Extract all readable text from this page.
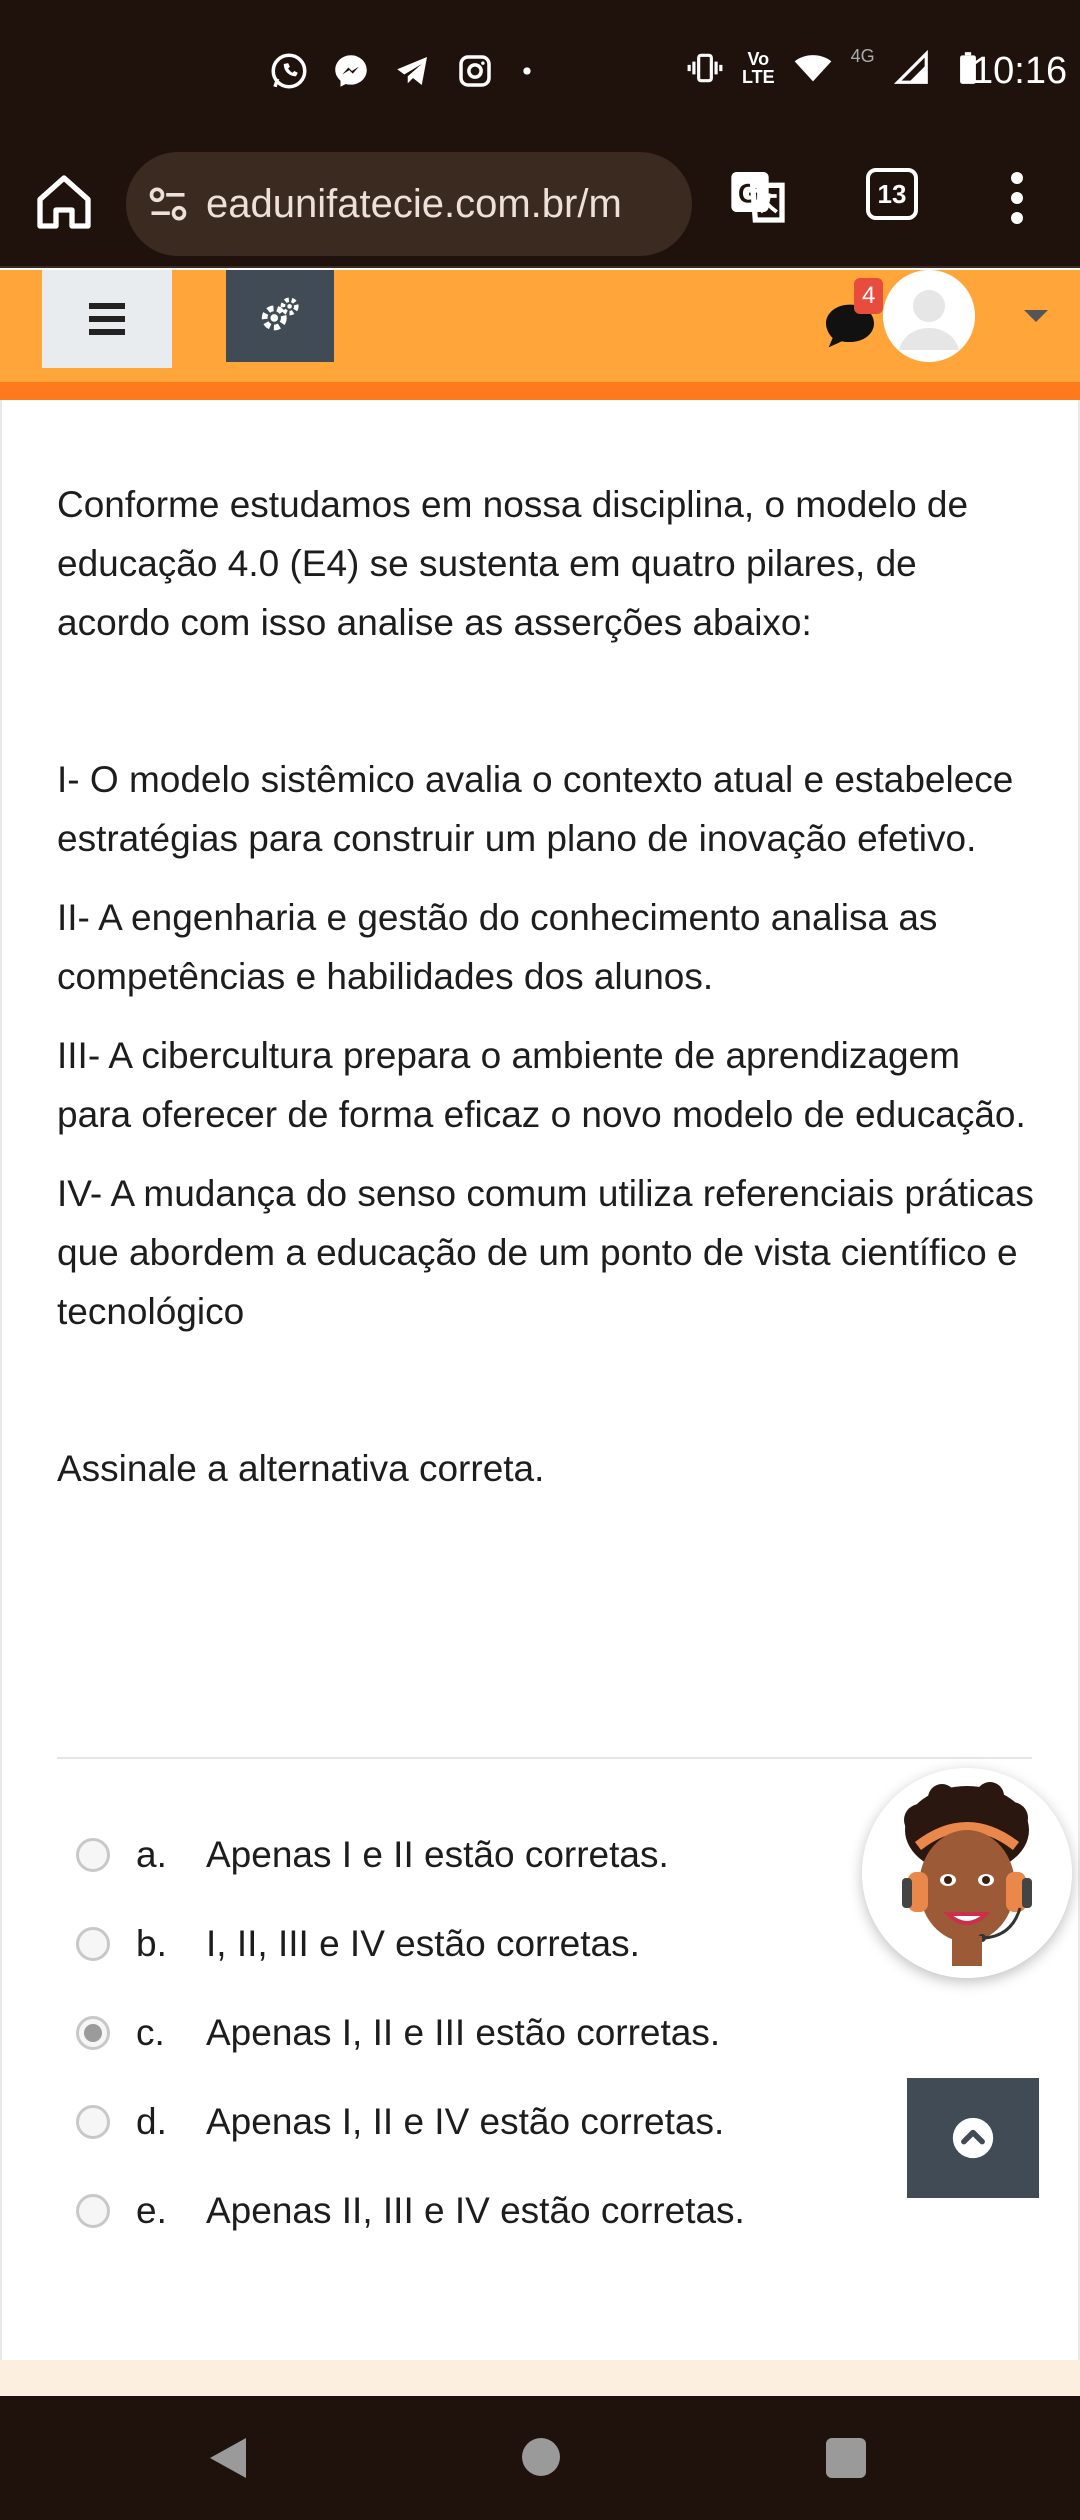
Vo
LTE
4G	10:16
eadunifatecie.com.br/m	G	13
4

Conforme estudamos em nossa disciplina, o modelo de educação 4.0 (E4) se sustenta em quatro pilares, de acordo com isso analise as asserções abaixo:

I- O modelo sistêmico avalia o contexto atual e estabelece estratégias para construir um plano de inovação efetivo.

II- A engenharia e gestão do conhecimento analisa as competências e habilidades dos alunos.

III- A cibercultura prepara o ambiente de aprendizagem para oferecer de forma eficaz o novo modelo de educação.

IV- A mudança do senso comum utiliza referenciais práticas que abordem a educação de um ponto de vista científico e tecnológico

Assinale a alternativa correta.

a.	Apenas I e II estão corretas.
b.	I, II, III e IV estão corretas.
c.	Apenas I, II e III estão corretas.
d.	Apenas I, II e IV estão corretas.
e.	Apenas II, III e IV estão corretas.
